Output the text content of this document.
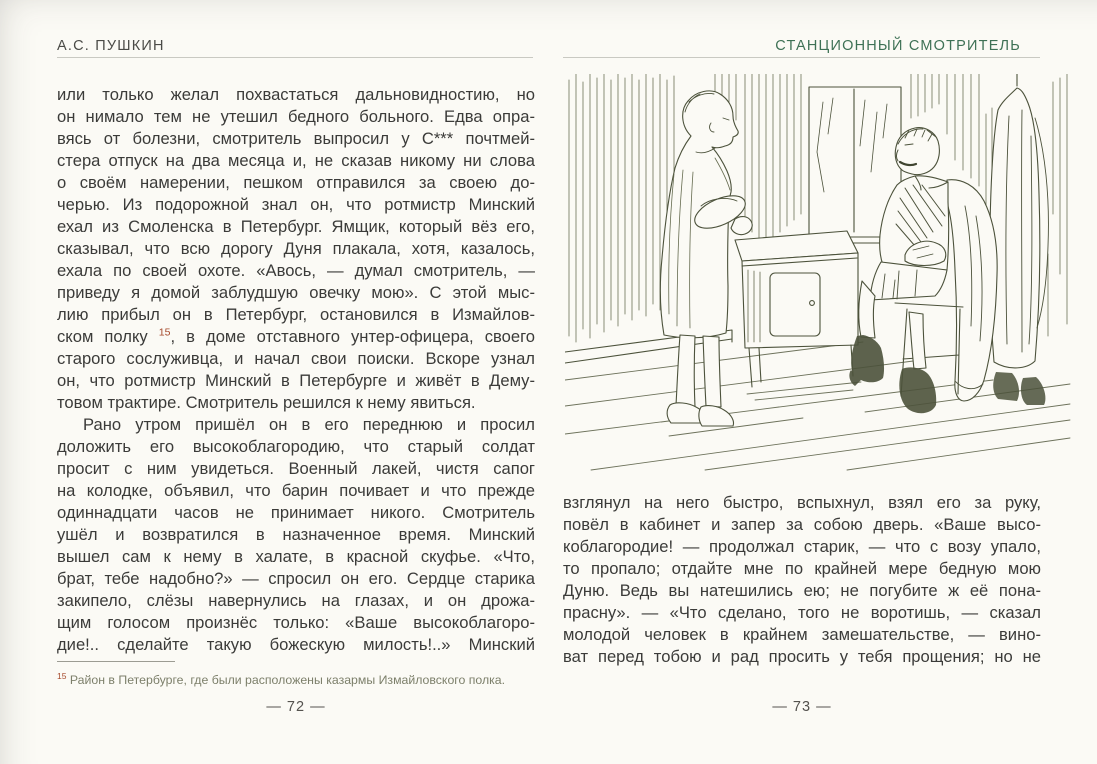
А.С. ПУШКИН
или только желал похвастаться дальновидностию, но
он нимало тем не утешил бедного больного. Едва опра-
вясь от болезни, смотритель выпросил у С*** почтмей-
стера отпуск на два месяца и, не сказав никому ни слова
о своём намерении, пешком отправился за своею до-
черью. Из подорожной знал он, что ротмистр Минский
ехал из Смоленска в Петербург. Ямщик, который вёз его,
сказывал, что всю дорогу Дуня плакала, хотя, казалось,
ехала по своей охоте. «Авось, — думал смотритель, —
приведу я домой заблудшую овечку мою». С этой мыс-
лию прибыл он в Петербург, остановился в Измайлов-
ском полку $^{15}$, в доме отставного унтер-офицера, своего
старого сослуживца, и начал свои поиски. Вскоре узнал
он, что ротмистр Минский в Петербурге и живёт в Дему-
товом трактире. Смотритель решился к нему явиться.
Рано утром пришёл он в его переднюю и просил
доложить его высокоблагородию, что старый солдат
просит с ним увидеться. Военный лакей, чистя сапог
на колодке, объявил, что барин почивает и что прежде
одиннадцати часов не принимает никого. Смотритель
ушёл и возвратился в назначенное время. Минский
вышел сам к нему в халате, в красной скуфье. «Что,
брат, тебе надобно?» — спросил он его. Сердце старика
закипело, слёзы навернулись на глазах, и он дрожа-
щим голосом произнёс только: «Ваше высокоблагоро-
дие!.. сделайте такую божескую милость!..» Минский
$^{15}$ Район в Петербурге, где были расположены казармы Измайловского полка.
— 72 —
СТАНЦИОННЫЙ СМОТРИТЕЛЬ
взглянул на него быстро, вспыхнул, взял его за руку,
повёл в кабинет и запер за собою дверь. «Ваше высо-
коблагородие! — продолжал старик, — что с возу упало,
то пропало; отдайте мне по крайней мере бедную мою
Дуню. Ведь вы натешились ею; не погубите ж её пона-
прасну». — «Что сделано, того не воротишь, — сказал
молодой человек в крайнем замешательстве, — вино-
ват перед тобою и рад просить у тебя прощения; но не
— 73 —
